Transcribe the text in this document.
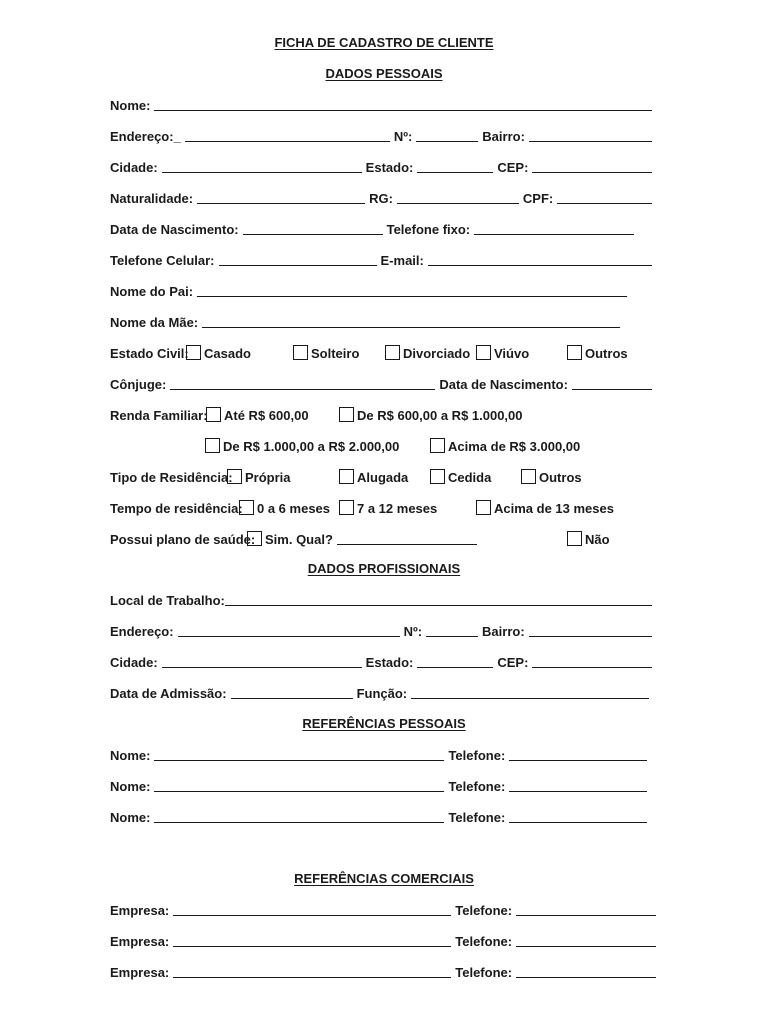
FICHA DE CADASTRO DE CLIENTE
DADOS PESSOAIS
Nome:
Endereço:_	Nº:	Bairro:
Cidade:	Estado:	CEP:
Naturalidade:	RG:	CPF:
Data de Nascimento:	Telefone fixo:
Telefone Celular:	E-mail:
Nome do Pai:
Nome da Mãe:
Estado Civil: Casado	Solteiro	Divorciado Viúvo	Outros
Cônjuge:	Data de Nascimento:
Renda Familiar: Até R$ 600,00	De R$ 600,00 a R$ 1.000,00
De R$ 1.000,00 a R$ 2.000,00	Acima de R$ 3.000,00
Tipo de Residência: Própria	Alugada	Cedida	Outros
Tempo de residência: 0 a 6 meses 7 a 12 meses	Acima de 13 meses
Possui plano de saúde: Sim. Qual?	Não
DADOS PROFISSIONAIS
Local de Trabalho:
Endereço:	Nº:	Bairro:
Cidade:	Estado:	CEP:
Data de Admissão:	Função:
REFERÊNCIAS PESSOAIS
Nome:	Telefone:
Nome:	Telefone:
Nome:	Telefone:
REFERÊNCIAS COMERCIAIS
Empresa:	Telefone:
Empresa:	Telefone:
Empresa:	Telefone:
